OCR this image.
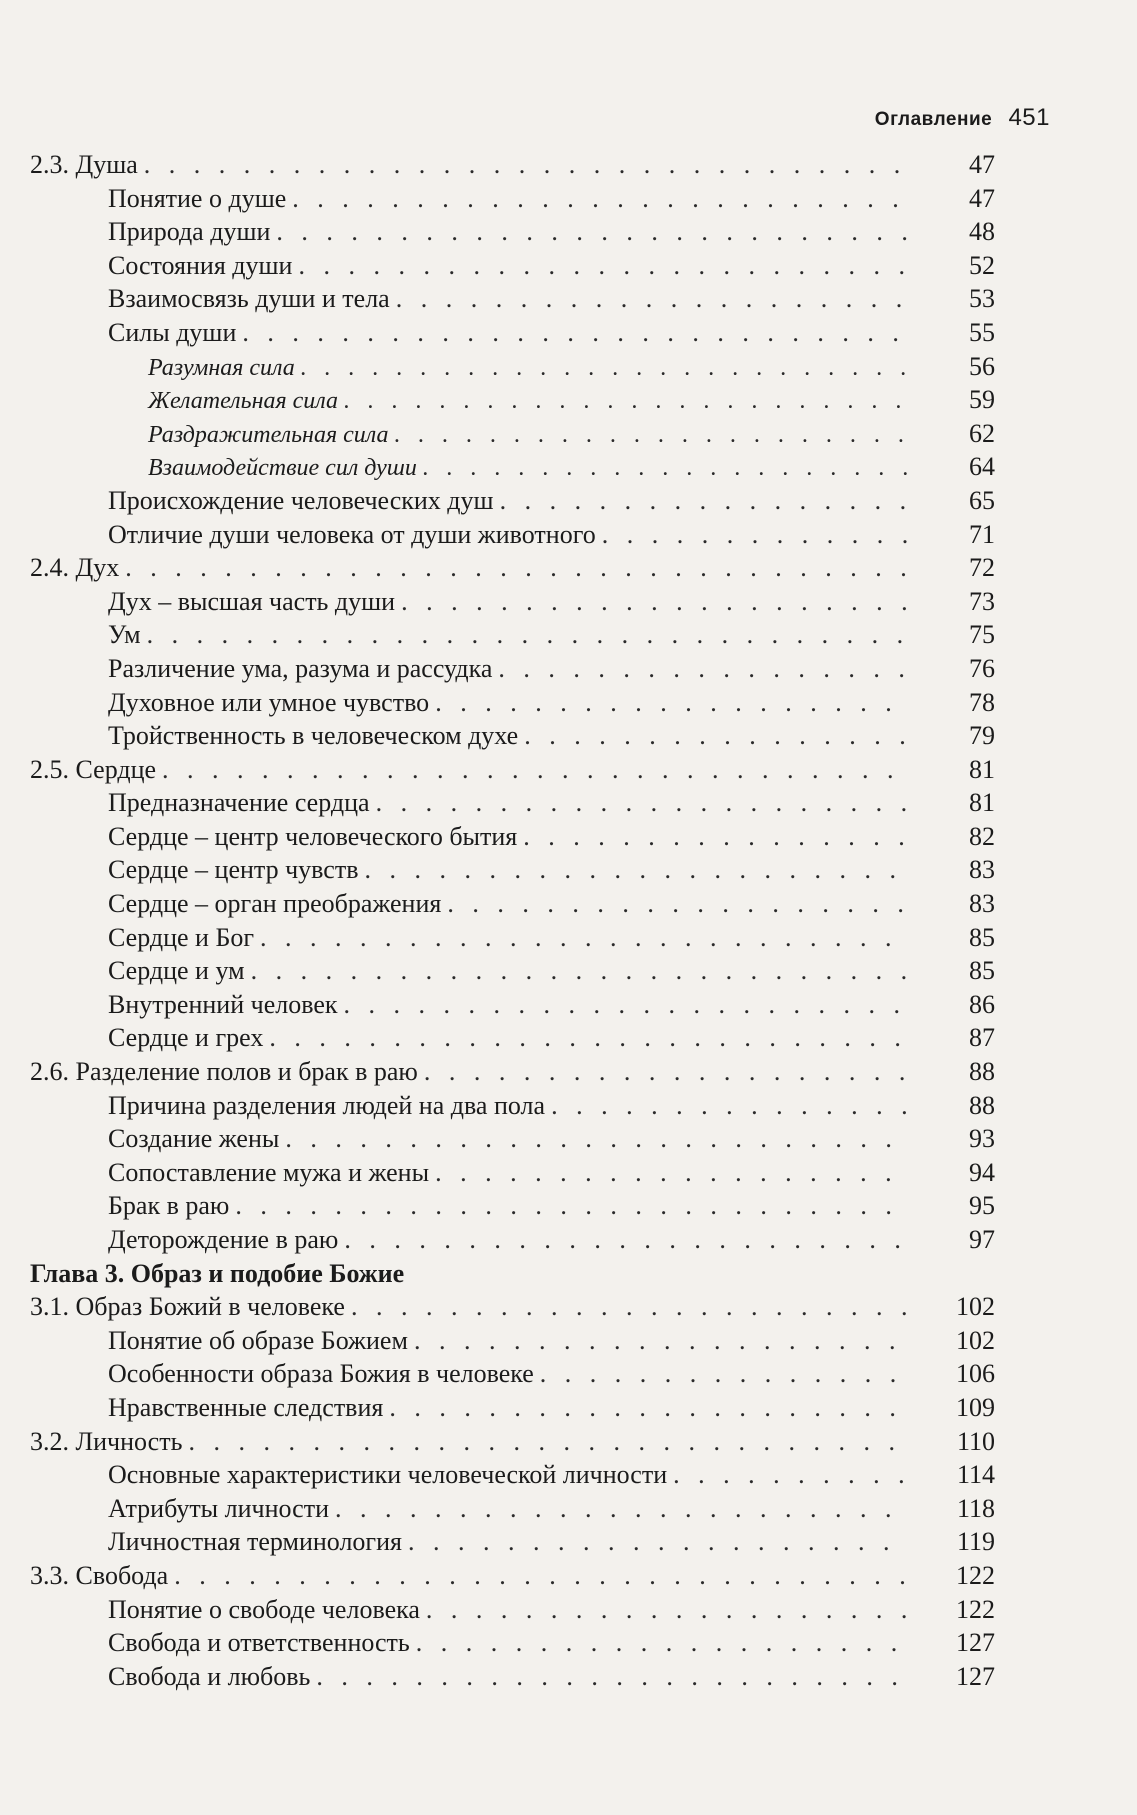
Оглавление 451
2.3. Душа . . .	47
Понятие о душе . . .	47
Природа души . . .	48
Состояния души . . .	52
Взаимосвязь души и тела . . .	53
Силы души . . .	55
Разумная сила . . .	56
Желательная сила . . .	59
Раздражительная сила . . .	62
Взаимодействие сил души . . .	64
Происхождение человеческих душ . . .	65
Отличие души человека от души животного . . .	71
2.4. Дух . . .	72
Дух – высшая часть души . . .	73
Ум . . .	75
Различение ума, разума и рассудка . . .	76
Духовное или умное чувство . . .	78
Тройственность в человеческом духе . . .	79
2.5. Сердце . . .	81
Предназначение сердца . . .	81
Сердце – центр человеческого бытия . . .	82
Сердце – центр чувств . . .	83
Сердце – орган преображения . . .	83
Сердце и Бог . . .	85
Сердце и ум . . .	85
Внутренний человек . . .	86
Сердце и грех . . .	87
2.6. Разделение полов и брак в раю . . .	88
Причина разделения людей на два пола . . .	88
Создание жены . . .	93
Сопоставление мужа и жены . . .	94
Брак в раю . . .	95
Деторождение в раю . . .	97
Глава 3. Образ и подобие Божие
3.1. Образ Божий в человеке . . .	102
Понятие об образе Божием . . .	102
Особенности образа Божия в человеке . . .	106
Нравственные следствия . . .	109
3.2. Личность . . .	110
Основные характеристики человеческой личности . . .	114
Атрибуты личности . . .	118
Личностная терминология . . .	119
3.3. Свобода . . .	122
Понятие о свободе человека . . .	122
Свобода и ответственность . . .	127
Свобода и любовь . . .	127
